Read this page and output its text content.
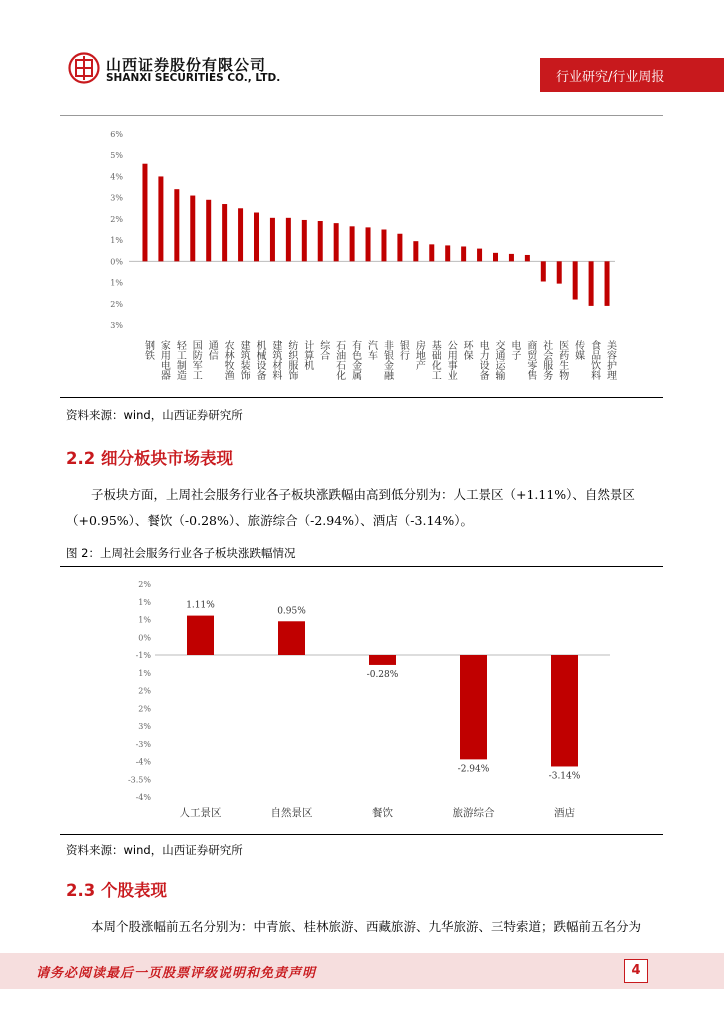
山西证券股份有限公司
SHANXI SECURITIES CO., LTD.	行业研究/行业周报
6%
5%
4%
3%
2%
1%
0%
1%
2%
3%
钢铁 家用电器 轻工制造 国防军工 通信 农林牧渔 建筑装饰 机械设备 建筑材料 纺织服饰 计算机 综合 石油石化 有色金属 汽车 非银金融 银行 房地产 基础化工 公用事业 环保 电力设备 交通运输 电子 商贸零售 社会服务 医药生物 传媒 食品饮料 美容护理
资料来源：wind，山西证券研究所
2.2 细分板块市场表现
子板块方面，上周社会服务行业各子板块涨跌幅由高到低分别为：人工景区（+1.11%）、自然景区（+0.95%）、餐饮（-0.28%）、旅游综合（-2.94%）、酒店（-3.14%）。
图 2：上周社会服务行业各子板块涨跌幅情况
2%
1%
1%
0%
-1%
1%
2%
2%
3%
-3%
-4%
-3.5%
-4%
1.11%
人工景区
0.95%
自然景区
-0.28%
餐饮
-2.94%
旅游综合
-3.14%
酒店
资料来源：wind，山西证券研究所
2.3 个股表现
本周个股涨幅前五名分别为：中青旅、桂林旅游、西藏旅游、九华旅游、三特索道；跌幅前五名分为
请务必阅读最后一页股票评级说明和免责声明	4
